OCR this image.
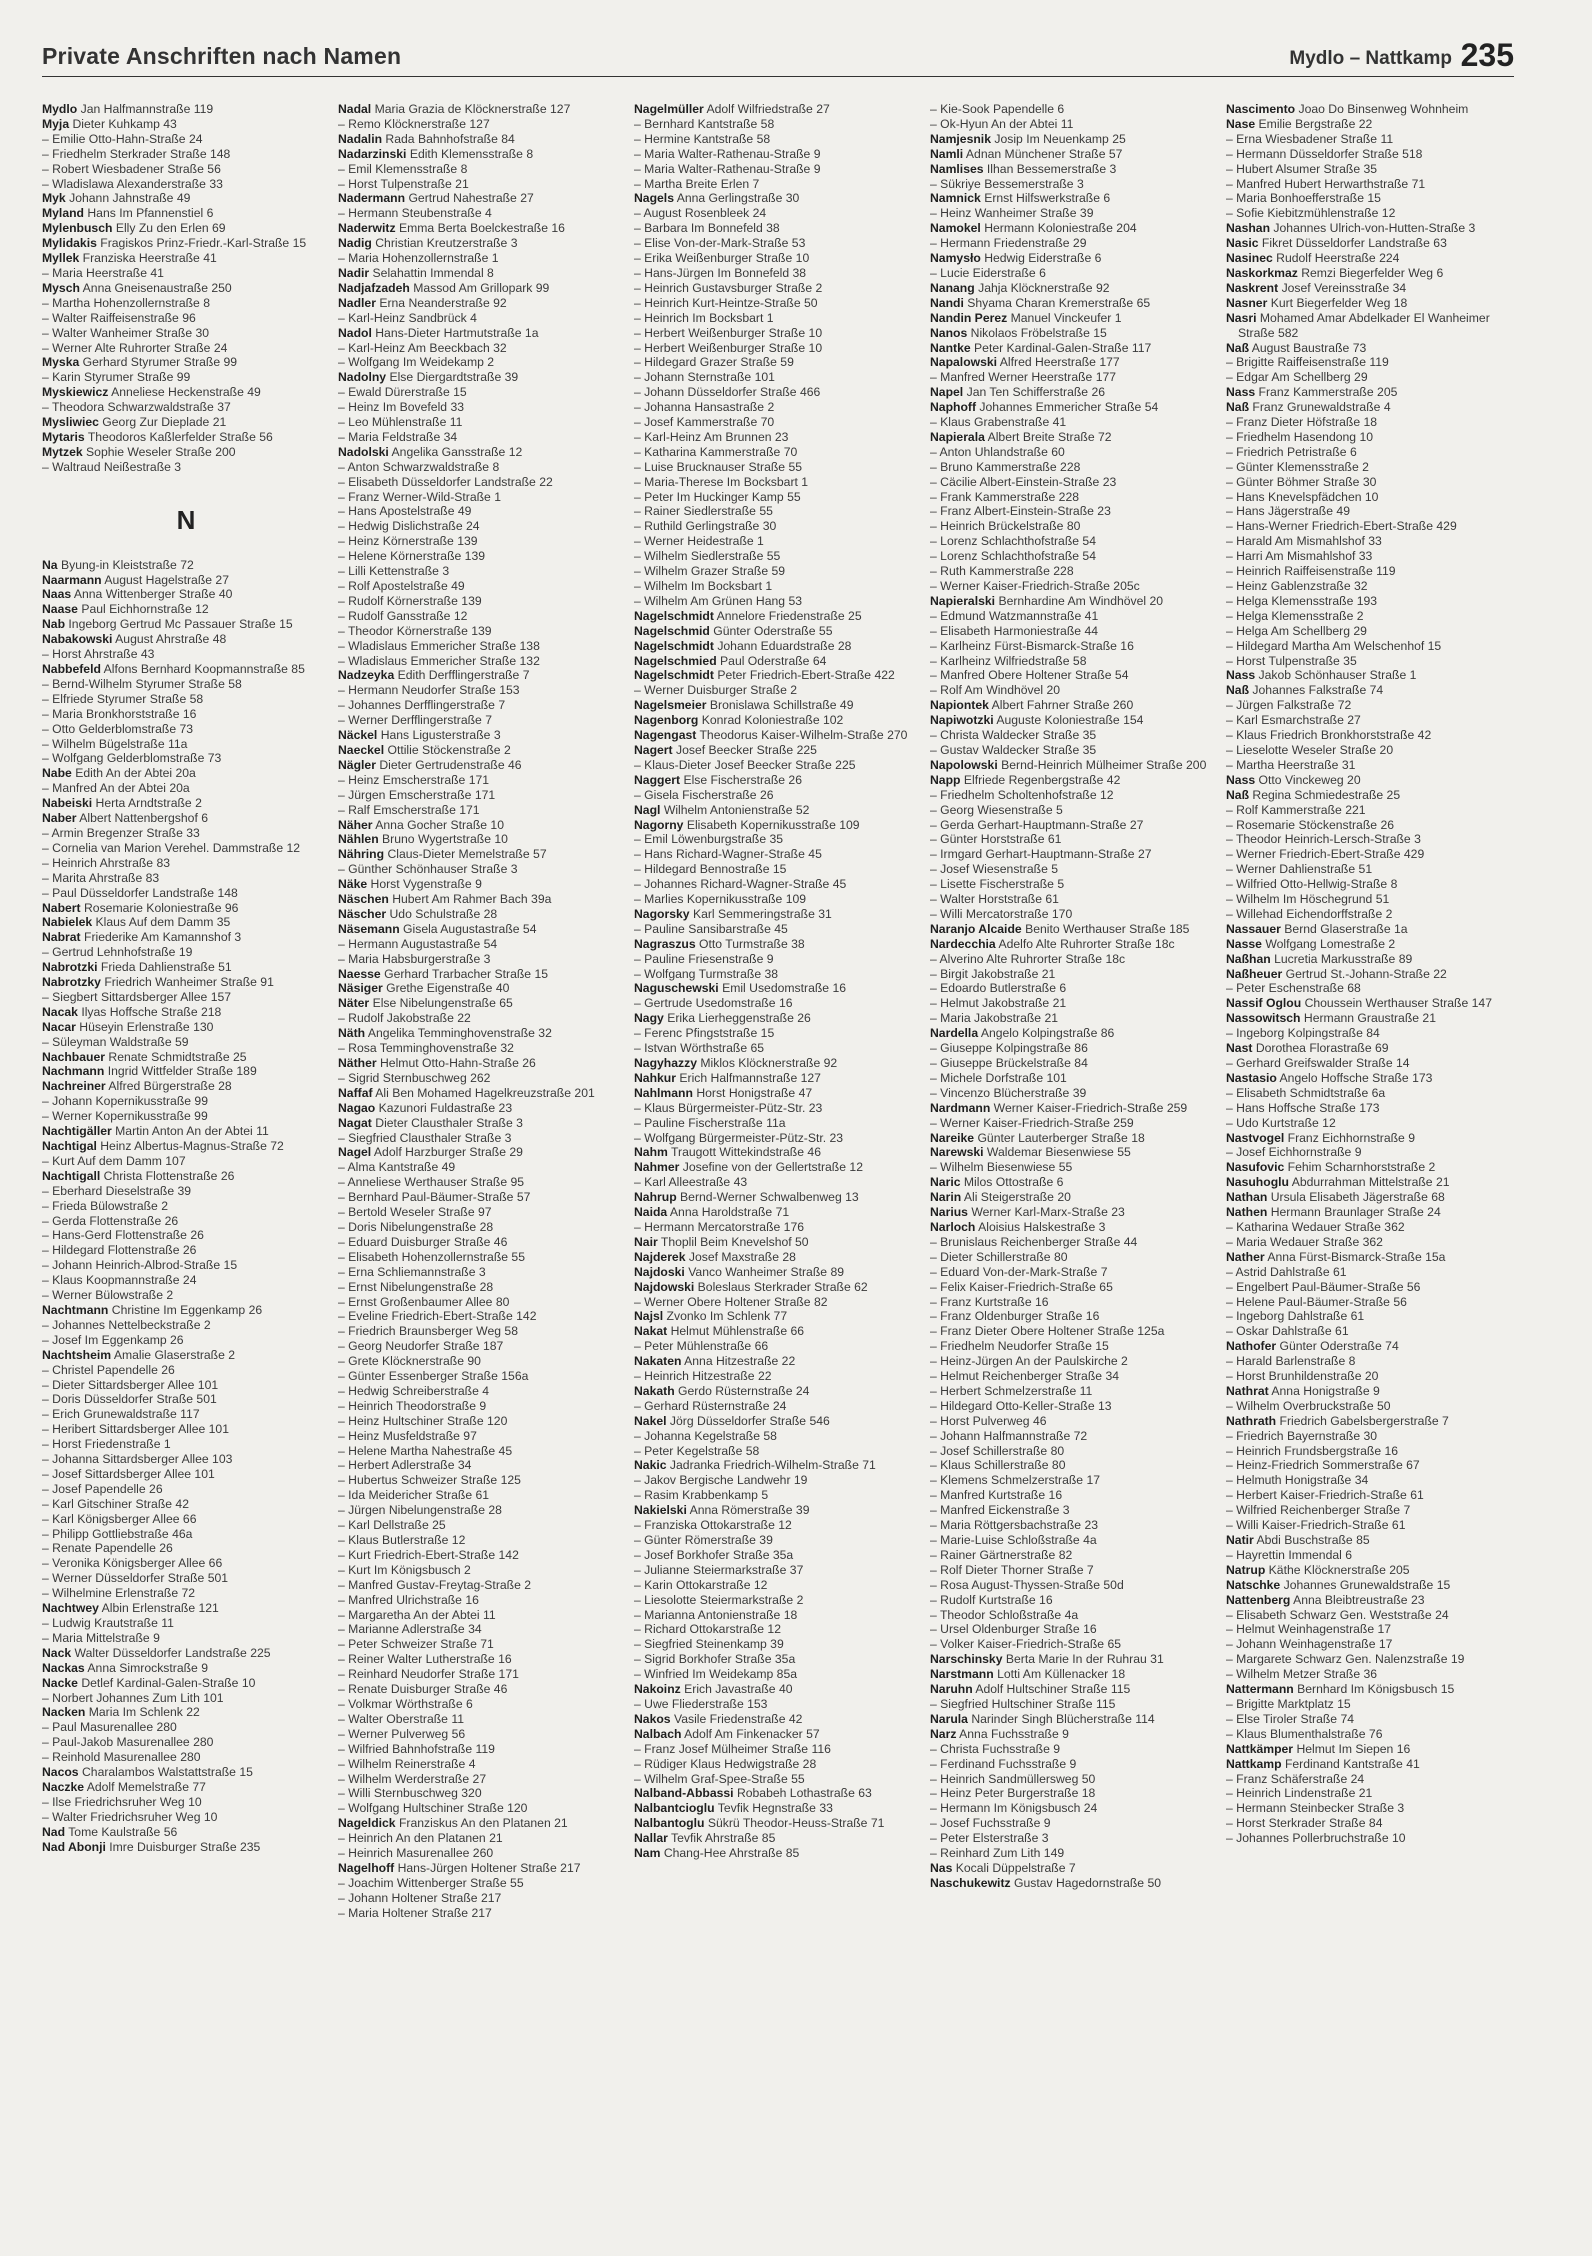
Private Anschriften nach Namen	Mydlo – Nattkamp 235
Mydlo Jan Halfmannstraße 119
Myja Dieter Kuhkamp 43
– Emilie Otto-Hahn-Straße 24
– Friedhelm Sterkrader Straße 148
– Robert Wiesbadener Straße 56
– Wladislawa Alexanderstraße 33
Myk Johann Jahnstraße 49
Myland Hans Im Pfannenstiel 6
Mylenbusch Elly Zu den Erlen 69
Mylidakis Fragiskos Prinz-Friedr.-Karl-Straße 15
Myllek Franziska Heerstraße 41
– Maria Heerstraße 41
Mysch Anna Gneisenaustraße 250
– Martha Hohenzollernstraße 8
– Walter Raiffeisenstraße 96
– Walter Wanheimer Straße 30
– Werner Alte Ruhrorter Straße 24
Myska Gerhard Styrumer Straße 99
– Karin Styrumer Straße 99
Myskiewicz Anneliese Heckenstraße 49
– Theodora Schwarzwaldstraße 37
Mysliwiec Georg Zur Dieplade 21
Mytaris Theodoros Kaßlerfelder Straße 56
Mytzek Sophie Weseler Straße 200
– Waltraud Neißestraße 3
N
Na Byung-in Kleiststraße 72
Naarmann August Hagelstraße 27
Naas Anna Wittenberger Straße 40
Naase Paul Eichhornstraße 12
Nab Ingeborg Gertrud Mc Passauer Straße 15
Nabakowski August Ahrstraße 48
– Horst Ahrstraße 43
Nabbefeld Alfons Bernhard Koopmannstraße 85
– Bernd-Wilhelm Styrumer Straße 58
– Elfriede Styrumer Straße 58
– Maria Bronkhorststraße 16
– Otto Gelderblomstraße 73
– Wilhelm Bügelstraße 11a
– Wolfgang Gelderblomstraße 73
Nabe Edith An der Abtei 20a
– Manfred An der Abtei 20a
Nabeiski Herta Arndtstraße 2
Naber Albert Nattenbergshof 6
– Armin Bregenzer Straße 33
– Cornelia van Marion Verehel. Dammstraße 12
– Heinrich Ahrstraße 83
– Marita Ahrstraße 83
– Paul Düsseldorfer Landstraße 148
Nabert Rosemarie Koloniestraße 96
Nabielek Klaus Auf dem Damm 35
Nabrat Friederike Am Kamannshof 3
– Gertrud Lehnhofstraße 19
Nabrotzki Frieda Dahlienstraße 51
Nabrotzky Friedrich Wanheimer Straße 91
– Siegbert Sittardsberger Allee 157
Nacak Ilyas Hoffsche Straße 218
Nacar Hüseyin Erlenstraße 130
– Süleyman Waldstraße 59
Nachbauer Renate Schmidtstraße 25
Nachmann Ingrid Wittfelder Straße 189
Nachreiner Alfred Bürgerstraße 28
– Johann Kopernikusstraße 99
– Werner Kopernikusstraße 99
Nachtigäller Martin Anton An der Abtei 11
Nachtigal Heinz Albertus-Magnus-Straße 72
– Kurt Auf dem Damm 107
Nachtigall Christa Flottenstraße 26
– Eberhard Dieselstraße 39
– Frieda Bülowstraße 2
– Gerda Flottenstraße 26
– Hans-Gerd Flottenstraße 26
– Hildegard Flottenstraße 26
– Johann Heinrich-Albrod-Straße 15
– Klaus Koopmannstraße 24
– Werner Bülowstraße 2
Nachtmann Christine Im Eggenkamp 26
– Johannes Nettelbeckstraße 2
– Josef Im Eggenkamp 26
Nachtsheim Amalie Glaserstraße 2
– Christel Papendelle 26
– Dieter Sittardsberger Allee 101
– Doris Düsseldorfer Straße 501
– Erich Grunewaldstraße 117
– Heribert Sittardsberger Allee 101
– Horst Friedenstraße 1
– Johanna Sittardsberger Allee 103
– Josef Sittardsberger Allee 101
– Josef Papendelle 26
– Karl Gitschiner Straße 42
– Karl Königsberger Allee 66
– Philipp Gottliebstraße 46a
– Renate Papendelle 26
– Veronika Königsberger Allee 66
– Werner Düsseldorfer Straße 501
– Wilhelmine Erlenstraße 72
Nachtwey Albin Erlenstraße 121
– Ludwig Krautstraße 11
– Maria Mittelstraße 9
Nack Walter Düsseldorfer Landstraße 225
Nackas Anna Simrockstraße 9
Nacke Detlef Kardinal-Galen-Straße 10
– Norbert Johannes Zum Lith 101
Nacken Maria Im Schlenk 22
– Paul Masurenallee 280
– Paul-Jakob Masurenallee 280
– Reinhold Masurenallee 280
Nacos Charalambos Walstattstraße 15
Naczke Adolf Memelstraße 77
– Ilse Friedrichsruher Weg 10
– Walter Friedrichsruher Weg 10
Nad Tome Kaulstraße 56
Nad Abonji Imre Duisburger Straße 235
Nadal Maria Grazia de Klöcknerstraße 127
– Remo Klöcknerstraße 127
Nadalin Rada Bahnhofstraße 84
Nadarzinski Edith Klemensstraße 8
– Emil Klemensstraße 8
– Horst Tulpenstraße 21
Nadermann Gertrud Nahestraße 27
– Hermann Steubenstraße 4
Naderwitz Emma Berta Boelckestraße 16
Nadig Christian Kreutzerstraße 3
– Maria Hohenzollernstraße 1
Nadir Selahattin Immendal 8
Nadjafzadeh Massod Am Grillopark 99
Nadler Erna Neanderstraße 92
– Karl-Heinz Sandbrück 4
Nadol Hans-Dieter Hartmutstraße 1a
– Karl-Heinz Am Beeckbach 32
– Wolfgang Im Weidekamp 2
Nadolny Else Diergardtstraße 39
– Ewald Dürerstraße 15
– Heinz Im Bovefeld 33
– Leo Mühlenstraße 11
– Maria Feldstraße 34
Nadolski Angelika Gansstraße 12
– Anton Schwarzwaldstraße 8
– Elisabeth Düsseldorfer Landstraße 22
– Franz Werner-Wild-Straße 1
– Hans Apostelstraße 49
– Hedwig Dislichstraße 24
– Heinz Körnerstraße 139
– Helene Körnerstraße 139
– Lilli Kettenstraße 3
– Rolf Apostelstraße 49
– Rudolf Körnerstraße 139
– Rudolf Gansstraße 12
– Theodor Körnerstraße 139
– Wladislaus Emmericher Straße 138
– Wladislaus Emmericher Straße 132
Nadzeyka Edith Derfflingerstraße 7
– Hermann Neudorfer Straße 153
– Johannes Derfflingerstraße 7
– Werner Derfflingerstraße 7
Näckel Hans Ligusterstraße 3
Naeckel Ottilie Stöckenstraße 2
Nägler Dieter Gertrudenstraße 46
– Heinz Emscherstraße 171
– Jürgen Emscherstraße 171
– Ralf Emscherstraße 171
Näher Anna Gocher Straße 10
Nählen Bruno Wygertstraße 10
Nähring Claus-Dieter Memelstraße 57
– Günther Schönhauser Straße 3
Näke Horst Vygenstraße 9
Näschen Hubert Am Rahmer Bach 39a
Näscher Udo Schulstraße 28
Näsemann Gisela Augustastraße 54
– Hermann Augustastraße 54
– Maria Habsburgerstraße 3
Naesse Gerhard Trarbacher Straße 15
Näsiger Grethe Eigenstraße 40
Näter Else Nibelungenstraße 65
– Rudolf Jakobstraße 22
Näth Angelika Temminghovenstraße 32
– Rosa Temminghovenstraße 32
Näther Helmut Otto-Hahn-Straße 26
– Sigrid Sternbuschweg 262
Naffaf Ali Ben Mohamed Hagelkreuzstraße 201
Nagao Kazunori Fuldastraße 23
Nagat Dieter Clausthaler Straße 3
– Siegfried Clausthaler Straße 3
Nagel Adolf Harzburger Straße 29
– Alma Kantstraße 49
– Anneliese Werthauser Straße 95
– Bernhard Paul-Bäumer-Straße 57
– Bertold Weseler Straße 97
– Doris Nibelungenstraße 28
– Eduard Duisburger Straße 46
– Elisabeth Hohenzollernstraße 55
– Erna Schliemannstraße 3
– Ernst Nibelungenstraße 28
– Ernst Großenbaumer Allee 80
– Eveline Friedrich-Ebert-Straße 142
– Friedrich Braunsberger Weg 58
– Georg Neudorfer Straße 187
– Grete Klöcknerstraße 90
– Günter Essenberger Straße 156a
– Hedwig Schreiberstraße 4
– Heinrich Theodorstraße 9
– Heinz Hultschiner Straße 120
– Heinz Musfeldstraße 97
– Helene Martha Nahestraße 45
– Herbert Adlerstraße 34
– Hubertus Schweizer Straße 125
– Ida Meidericher Straße 61
– Jürgen Nibelungenstraße 28
– Karl Dellstraße 25
– Klaus Butlerstraße 12
– Kurt Friedrich-Ebert-Straße 142
– Kurt Im Königsbusch 2
– Manfred Gustav-Freytag-Straße 2
– Manfred Ulrichstraße 16
– Margaretha An der Abtei 11
– Marianne Adlerstraße 34
– Peter Schweizer Straße 71
– Reiner Walter Lutherstraße 16
– Reinhard Neudorfer Straße 171
– Renate Duisburger Straße 46
– Volkmar Wörthstraße 6
– Walter Oberstraße 11
– Werner Pulverweg 56
– Wilfried Bahnhofstraße 119
– Wilhelm Reinerstraße 4
– Wilhelm Werderstraße 27
– Willi Sternbuschweg 320
– Wolfgang Hultschiner Straße 120
Nageldick Franziskus An den Platanen 21
– Heinrich An den Platanen 21
– Heinrich Masurenallee 260
Nagelhoff Hans-Jürgen Holtener Straße 217
– Joachim Wittenberger Straße 55
– Johann Holtener Straße 217
– Maria Holtener Straße 217
Nagelmüller Adolf Wilfriedstraße 27
– Bernhard Kantstraße 58
– Hermine Kantstraße 58
– Maria Walter-Rathenau-Straße 9
– Maria Walter-Rathenau-Straße 9
– Martha Breite Erlen 7
Nagels Anna Gerlingstraße 30
– August Rosenbleek 24
– Barbara Im Bonnefeld 38
– Elise Von-der-Mark-Straße 53
– Erika Weißenburger Straße 10
– Hans-Jürgen Im Bonnefeld 38
– Heinrich Gustavsburger Straße 2
– Heinrich Kurt-Heintze-Straße 50
– Heinrich Im Bocksbart 1
– Herbert Weißenburger Straße 10
– Herbert Weißenburger Straße 10
– Hildegard Grazer Straße 59
– Johann Sternstraße 101
– Johann Düsseldorfer Straße 466
– Johanna Hansastraße 2
– Josef Kammerstraße 70
– Karl-Heinz Am Brunnen 23
– Katharina Kammerstraße 70
– Luise Brucknauser Straße 55
– Maria-Therese Im Bocksbart 1
– Peter Im Huckinger Kamp 55
– Rainer Siedlerstraße 55
– Ruthild Gerlingstraße 30
– Werner Heidestraße 1
– Wilhelm Siedlerstraße 55
– Wilhelm Grazer Straße 59
– Wilhelm Im Bocksbart 1
– Wilhelm Am Grünen Hang 53
Nagelschmidt Annelore Friedenstraße 25
Nagelschmid Günter Oderstraße 55
Nagelschmidt Johann Eduardstraße 28
Nagelschmied Paul Oderstraße 64
Nagelschmidt Peter Friedrich-Ebert-Straße 422
– Werner Duisburger Straße 2
Nagelsmeier Bronislawa Schillstraße 49
Nagenborg Konrad Koloniestraße 102
Nagengast Theodorus Kaiser-Wilhelm-Straße 270
Nagert Josef Beecker Straße 225
– Klaus-Dieter Josef Beecker Straße 225
Naggert Else Fischerstraße 26
– Gisela Fischerstraße 26
Nagl Wilhelm Antonienstraße 52
Nagorny Elisabeth Kopernikusstraße 109
– Emil Löwenburgstraße 35
– Hans Richard-Wagner-Straße 45
– Hildegard Bennostraße 15
– Johannes Richard-Wagner-Straße 45
– Marlies Kopernikusstraße 109
Nagorsky Karl Semmeringstraße 31
– Pauline Sansibarstraße 45
Nagraszus Otto Turmstraße 38
– Pauline Friesenstraße 9
– Wolfgang Turmstraße 38
Naguschewski Emil Usedomstraße 16
– Gertrude Usedomstraße 16
Nagy Erika Lierheggenstraße 26
– Ferenc Pfingststraße 15
– Istvan Wörthstraße 65
Nagyhazzy Miklos Klöcknerstraße 92
Nahkur Erich Halfmannstraße 127
Nahlmann Horst Honigstraße 47
– Klaus Bürgermeister-Pütz-Str. 23
– Pauline Fischerstraße 11a
– Wolfgang Bürgermeister-Pütz-Str. 23
Nahm Traugott Wittekindstraße 46
Nahmer Josefine von der Gellertstraße 12
– Karl Alleestraße 43
Nahrup Bernd-Werner Schwalbenweg 13
Naida Anna Haroldstraße 71
– Hermann Mercatorstraße 176
Nair Thoplil Beim Knevelshof 50
Najderek Josef Maxstraße 28
Najdoski Vanco Wanheimer Straße 89
Najdowski Boleslaus Sterkrader Straße 62
– Werner Obere Holtener Straße 82
Najsl Zvonko Im Schlenk 77
Nakat Helmut Mühlenstraße 66
– Peter Mühlenstraße 66
Nakaten Anna Hitzestraße 22
– Heinrich Hitzestraße 22
Nakath Gerdo Rüsternstraße 24
– Gerhard Rüsternstraße 24
Nakel Jörg Düsseldorfer Straße 546
– Johanna Kegelstraße 58
– Peter Kegelstraße 58
Nakic Jadranka Friedrich-Wilhelm-Straße 71
– Jakov Bergische Landwehr 19
– Rasim Krabbenkamp 5
Nakielski Anna Römerstraße 39
– Franziska Ottokarstraße 12
– Günter Römerstraße 39
– Josef Borkhofer Straße 35a
– Julianne Steiermarkstraße 37
– Karin Ottokarstraße 12
– Liesolotte Steiermarkstraße 2
– Marianna Antonienstraße 18
– Richard Ottokarstraße 12
– Siegfried Steinenkamp 39
– Sigrid Borkhofer Straße 35a
– Winfried Im Weidekamp 85a
Nakoinz Erich Javastraße 40
– Uwe Fliederstraße 153
Nakos Vasile Friedenstraße 42
Nalbach Adolf Am Finkenacker 57
– Franz Josef Mülheimer Straße 116
– Rüdiger Klaus Hedwigstraße 28
– Wilhelm Graf-Spee-Straße 55
Nalband-Abbassi Robabeh Lothastraße 63
Nalbantcioglu Tevfik Hegnstraße 33
Nalbantoglu Sükrü Theodor-Heuss-Straße 71
Nallar Tevfik Ahrstraße 85
Nam Chang-Hee Ahrstraße 85
– Kie-Sook Papendelle 6
– Ok-Hyun An der Abtei 11
Namjesnik Josip Im Neuenkamp 25
Namli Adnan Münchener Straße 57
Namlises Ilhan Bessemerstraße 3
– Sükriye Bessemerstraße 3
Namnick Ernst Hilfswerkstraße 6
– Heinz Wanheimer Straße 39
Namokel Hermann Koloniestraße 204
– Hermann Friedenstraße 29
Namysło Hedwig Eiderstraße 6
– Lucie Eiderstraße 6
Nanang Jahja Klöcknerstraße 92
Nandi Shyama Charan Kremerstraße 65
Nandin Perez Manuel Vinckeufer 1
Nanos Nikolaos Fröbelstraße 15
Nantke Peter Kardinal-Galen-Straße 117
Napalowski Alfred Heerstraße 177
– Manfred Werner Heerstraße 177
Napel Jan Ten Schifferstraße 26
Naphoff Johannes Emmericher Straße 54
– Klaus Grabenstraße 41
Napierala Albert Breite Straße 72
– Anton Uhlandstraße 60
– Bruno Kammerstraße 228
– Cäcilie Albert-Einstein-Straße 23
– Frank Kammerstraße 228
– Franz Albert-Einstein-Straße 23
– Heinrich Brückelstraße 80
– Lorenz Schlachthofstraße 54
– Lorenz Schlachthofstraße 54
– Ruth Kammerstraße 228
– Werner Kaiser-Friedrich-Straße 205c
Napieralski Bernhardine Am Windhövel 20
– Edmund Watzmannstraße 41
– Elisabeth Harmoniestraße 44
– Karlheinz Fürst-Bismarck-Straße 16
– Karlheinz Wilfriedstraße 58
– Manfred Obere Holtener Straße 54
– Rolf Am Windhövel 20
Napiontek Albert Fahrner Straße 260
Napiwotzki Auguste Koloniestraße 154
– Christa Waldecker Straße 35
– Gustav Waldecker Straße 35
Napolowski Bernd-Heinrich Mülheimer Straße 200
Napp Elfriede Regenbergstraße 42
– Friedhelm Scholtenhofstraße 12
– Georg Wiesenstraße 5
– Gerda Gerhart-Hauptmann-Straße 27
– Günter Horststraße 61
– Irmgard Gerhart-Hauptmann-Straße 27
– Josef Wiesenstraße 5
– Lisette Fischerstraße 5
– Walter Horststraße 61
– Willi Mercatorstraße 170
Naranjo Alcaide Benito Werthauser Straße 185
Nardecchia Adelfo Alte Ruhrorter Straße 18c
– Alverino Alte Ruhrorter Straße 18c
– Birgit Jakobstraße 21
– Edoardo Butlerstraße 6
– Helmut Jakobstraße 21
– Maria Jakobstraße 21
Nardella Angelo Kolpingstraße 86
– Giuseppe Kolpingstraße 86
– Giuseppe Brückelstraße 84
– Michele Dorfstraße 101
– Vincenzo Blücherstraße 39
Nardmann Werner Kaiser-Friedrich-Straße 259
– Werner Kaiser-Friedrich-Straße 259
Nareike Günter Lauterberger Straße 18
Narewski Waldemar Biesenwiese 55
– Wilhelm Biesenwiese 55
Naric Milos Ottostraße 6
Narin Ali Steigerstraße 20
Narius Werner Karl-Marx-Straße 23
Narloch Aloisius Halskestraße 3
– Brunislaus Reichenberger Straße 44
– Dieter Schillerstraße 80
– Eduard Von-der-Mark-Straße 7
– Felix Kaiser-Friedrich-Straße 65
– Franz Kurtstraße 16
– Franz Oldenburger Straße 16
– Franz Dieter Obere Holtener Straße 125a
– Friedhelm Neudorfer Straße 15
– Heinz-Jürgen An der Paulskirche 2
– Helmut Reichenberger Straße 34
– Herbert Schmelzerstraße 11
– Hildegard Otto-Keller-Straße 13
– Horst Pulverweg 46
– Johann Halfmannstraße 72
– Josef Schillerstraße 80
– Klaus Schillerstraße 80
– Klemens Schmelzerstraße 17
– Manfred Kurtstraße 16
– Manfred Eickenstraße 3
– Maria Röttgersbachstraße 23
– Marie-Luise Schloßstraße 4a
– Rainer Gärtnerstraße 82
– Rolf Dieter Thorner Straße 7
– Rosa August-Thyssen-Straße 50d
– Rudolf Kurtstraße 16
– Theodor Schloßstraße 4a
– Ursel Oldenburger Straße 16
– Volker Kaiser-Friedrich-Straße 65
Narschinsky Berta Marie In der Ruhrau 31
Narstmann Lotti Am Küllenacker 18
Naruhn Adolf Hultschiner Straße 115
– Siegfried Hultschiner Straße 115
Narula Narinder Singh Blücherstraße 114
Narz Anna Fuchsstraße 9
– Christa Fuchsstraße 9
– Ferdinand Fuchsstraße 9
– Heinrich Sandmüllersweg 50
– Heinz Peter Burgerstraße 18
– Hermann Im Königsbusch 24
– Josef Fuchsstraße 9
– Peter Elsterstraße 3
– Reinhard Zum Lith 149
Nas Kocali Düppelstraße 7
Naschukewitz Gustav Hagedornstraße 50
Nascimento Joao Do Binsenweg Wohnheim
Nase Emilie Bergstraße 22
– Erna Wiesbadener Straße 11
– Hermann Düsseldorfer Straße 518
– Hubert Alsumer Straße 35
– Manfred Hubert Herwarthstraße 71
– Maria Bonhoefferstraße 15
– Sofie Kiebitzmühlenstraße 12
Nashan Johannes Ulrich-von-Hutten-Straße 3
Nasic Fikret Düsseldorfer Landstraße 63
Nasinec Rudolf Heerstraße 224
Naskorkmaz Remzi Biegerfelder Weg 6
Naskrent Josef Vereinsstraße 34
Nasner Kurt Biegerfelder Weg 18
Nasri Mohamed Amar Abdelkader El Wanheimer Straße 582
Naß August Baustraße 73
– Brigitte Raiffeisenstraße 119
– Edgar Am Schellberg 29
Nass Franz Kammerstraße 205
Naß Franz Grunewaldstraße 4
– Franz Dieter Höfstraße 18
– Friedhelm Hasendong 10
– Friedrich Petristraße 6
– Günter Klemensstraße 2
– Günter Böhmer Straße 30
– Hans Knevelspfädchen 10
– Hans Jägerstraße 49
– Hans-Werner Friedrich-Ebert-Straße 429
– Harald Am Mismahlshof 33
– Harri Am Mismahlshof 33
– Heinrich Raiffeisenstraße 119
– Heinz Gablenzstraße 32
– Helga Klemensstraße 193
– Helga Klemensstraße 2
– Helga Am Schellberg 29
– Hildegard Martha Am Welschenhof 15
– Horst Tulpenstraße 35
Nass Jakob Schönhauser Straße 1
Naß Johannes Falkstraße 74
– Jürgen Falkstraße 72
– Karl Esmarchstraße 27
– Klaus Friedrich Bronkhorststraße 42
– Lieselotte Weseler Straße 20
– Martha Heerstraße 31
Nass Otto Vinckeweg 20
Naß Regina Schmiedestraße 25
– Rolf Kammerstraße 221
– Rosemarie Stöckenstraße 26
– Theodor Heinrich-Lersch-Straße 3
– Werner Friedrich-Ebert-Straße 429
– Werner Dahlienstraße 51
– Wilfried Otto-Hellwig-Straße 8
– Wilhelm Im Höschegrund 51
– Willehad Eichendorffstraße 2
Nassauer Bernd Glaserstraße 1a
Nasse Wolfgang Lomestraße 2
Naßhan Lucretia Markusstraße 89
Naßheuer Gertrud St.-Johann-Straße 22
– Peter Eschenstraße 68
Nassif Oglou Choussein Werthauser Straße 147
Nassowitsch Hermann Graustraße 21
– Ingeborg Kolpingstraße 84
Nast Dorothea Florastraße 69
– Gerhard Greifswalder Straße 14
Nastasio Angelo Hoffsche Straße 173
– Elisabeth Schmidtstraße 6a
– Hans Hoffsche Straße 173
– Udo Kurtstraße 12
Nastvogel Franz Eichhornstraße 9
– Josef Eichhornstraße 9
Nasufovic Fehim Scharnhorststraße 2
Nasuhoglu Abdurrahman Mittelstraße 21
Nathan Ursula Elisabeth Jägerstraße 68
Nathen Hermann Braunlager Straße 24
– Katharina Wedauer Straße 362
– Maria Wedauer Straße 362
Nather Anna Fürst-Bismarck-Straße 15a
– Astrid Dahlstraße 61
– Engelbert Paul-Bäumer-Straße 56
– Helene Paul-Bäumer-Straße 56
– Ingeborg Dahlstraße 61
– Oskar Dahlstraße 61
Nathofer Günter Oderstraße 74
– Harald Barlenstraße 8
– Horst Brunhildenstraße 20
Nathrat Anna Honigstraße 9
– Wilhelm Overbruckstraße 50
Nathrath Friedrich Gabelsbergerstraße 7
– Friedrich Bayernstraße 30
– Heinrich Frundsbergstraße 16
– Heinz-Friedrich Sommerstraße 67
– Helmuth Honigstraße 34
– Herbert Kaiser-Friedrich-Straße 61
– Wilfried Reichenberger Straße 7
– Willi Kaiser-Friedrich-Straße 61
Natir Abdi Buschstraße 85
– Hayrettin Immendal 6
Natrup Käthe Klöcknerstraße 205
Natschke Johannes Grunewaldstraße 15
Nattenberg Anna Bleibtreustraße 23
– Elisabeth Schwarz Gen. Weststraße 24
– Helmut Weinhagenstraße 17
– Johann Weinhagenstraße 17
– Margarete Schwarz Gen. Nalenzstraße 19
– Wilhelm Metzer Straße 36
Nattermann Bernhard Im Königsbusch 15
– Brigitte Marktplatz 15
– Else Tiroler Straße 74
– Klaus Blumenthalstraße 76
Nattkämper Helmut Im Siepen 16
Nattkamp Ferdinand Kantstraße 41
– Franz Schäferstraße 24
– Heinrich Lindenstraße 21
– Hermann Steinbecker Straße 3
– Horst Sterkrader Straße 84
– Johannes Pollerbruchstraße 10
